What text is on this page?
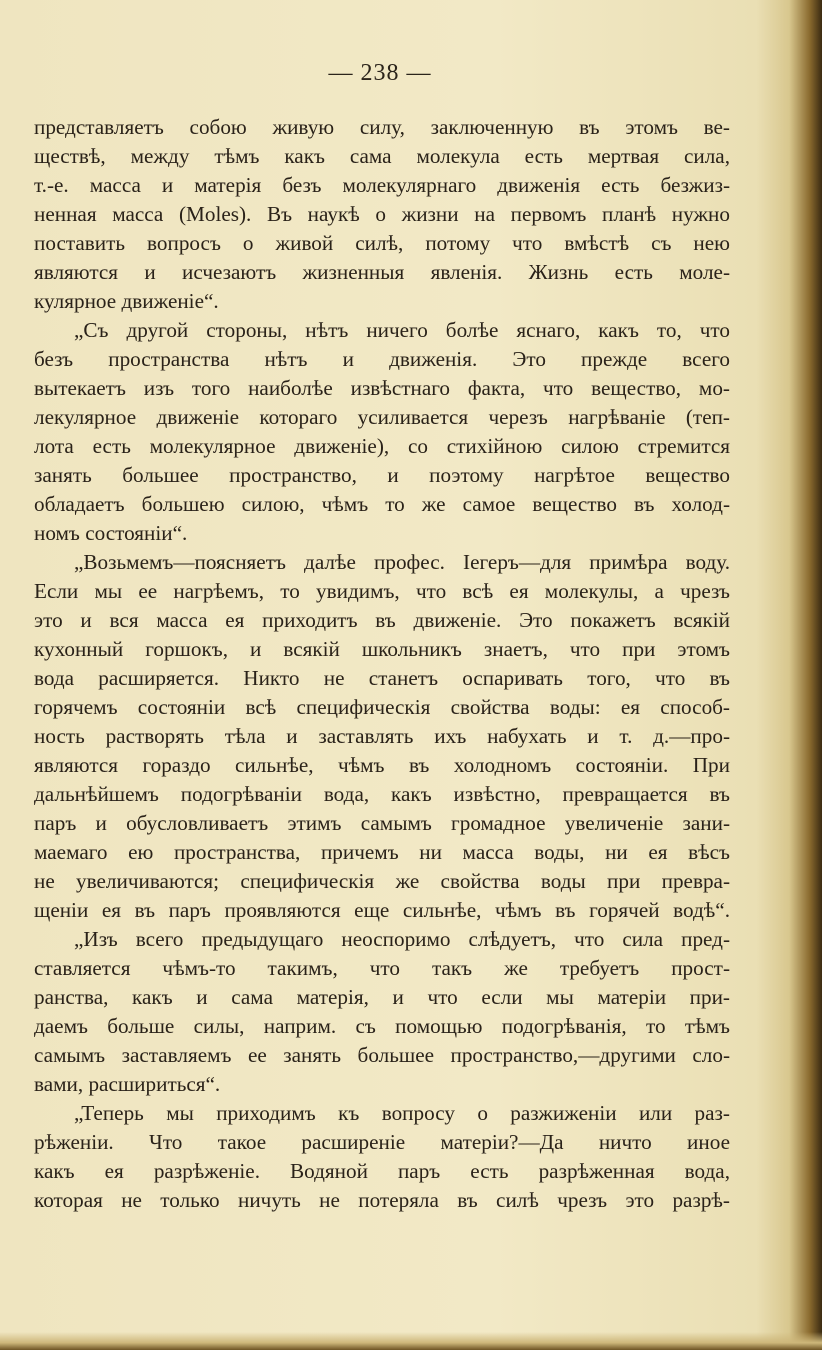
— 238 —
представляетъ собою живую силу, заключенную въ этомъ ве-
ществѣ, между тѣмъ какъ сама молекула есть мертвая сила,
т.-е. масса и матерія безъ молекулярнаго движенія есть безжиз-
ненная масса (Moles). Въ наукѣ о жизни на первомъ планѣ нужно
поставить вопросъ о живой силѣ, потому что вмѣстѣ съ нею
являются и исчезаютъ жизненныя явленія. Жизнь есть моле-
кулярное движеніе“.
„Съ другой стороны, нѣтъ ничего болѣе яснаго, какъ то, что
безъ пространства нѣтъ и движенія. Это прежде всего
вытекаетъ изъ того наиболѣе извѣстнаго факта, что вещество, мо-
лекулярное движеніе котораго усиливается черезъ нагрѣваніе (теп-
лота есть молекулярное движеніе), со стихійною силою стремится
занять большее пространство, и поэтому нагрѣтое вещество
обладаетъ большею силою, чѣмъ то же самое вещество въ холод-
номъ состояніи“.
„Возьмемъ—поясняетъ далѣе профес. Iегеръ—для примѣра воду.
Если мы ее нагрѣемъ, то увидимъ, что всѣ ея молекулы, а чрезъ
это и вся масса ея приходитъ въ движеніе. Это покажетъ всякій
кухонный горшокъ, и всякій школьникъ знаетъ, что при этомъ
вода расширяется. Никто не станетъ оспаривать того, что въ
горячемъ состояніи всѣ специфическія свойства воды: ея способ-
ность растворять тѣла и заставлять ихъ набухать и т. д.—про-
являются гораздо сильнѣе, чѣмъ въ холодномъ состояніи. При
дальнѣйшемъ подогрѣваніи вода, какъ извѣстно, превращается въ
паръ и обусловливаетъ этимъ самымъ громадное увеличеніе зани-
маемаго ею пространства, причемъ ни масса воды, ни ея вѣсъ
не увеличиваются; специфическія же свойства воды при превра-
щеніи ея въ паръ проявляются еще сильнѣе, чѣмъ въ горячей водѣ“.
„Изъ всего предыдущаго неоспоримо слѣдуетъ, что сила пред-
ставляется чѣмъ-то такимъ, что такъ же требуетъ прост-
ранства, какъ и сама матерія, и что если мы матеріи при-
даемъ больше силы, наприм. съ помощью подогрѣванія, то тѣмъ
самымъ заставляемъ ее занять большее пространство,—другими сло-
вами, расшириться“.
„Теперь мы приходимъ къ вопросу о разжиженіи или раз-
рѣженіи. Что такое расширеніе матеріи?—Да ничто иное
какъ ея разрѣженіе. Водяной паръ есть разрѣженная вода,
которая не только ничуть не потеряла въ силѣ чрезъ это разрѣ-
